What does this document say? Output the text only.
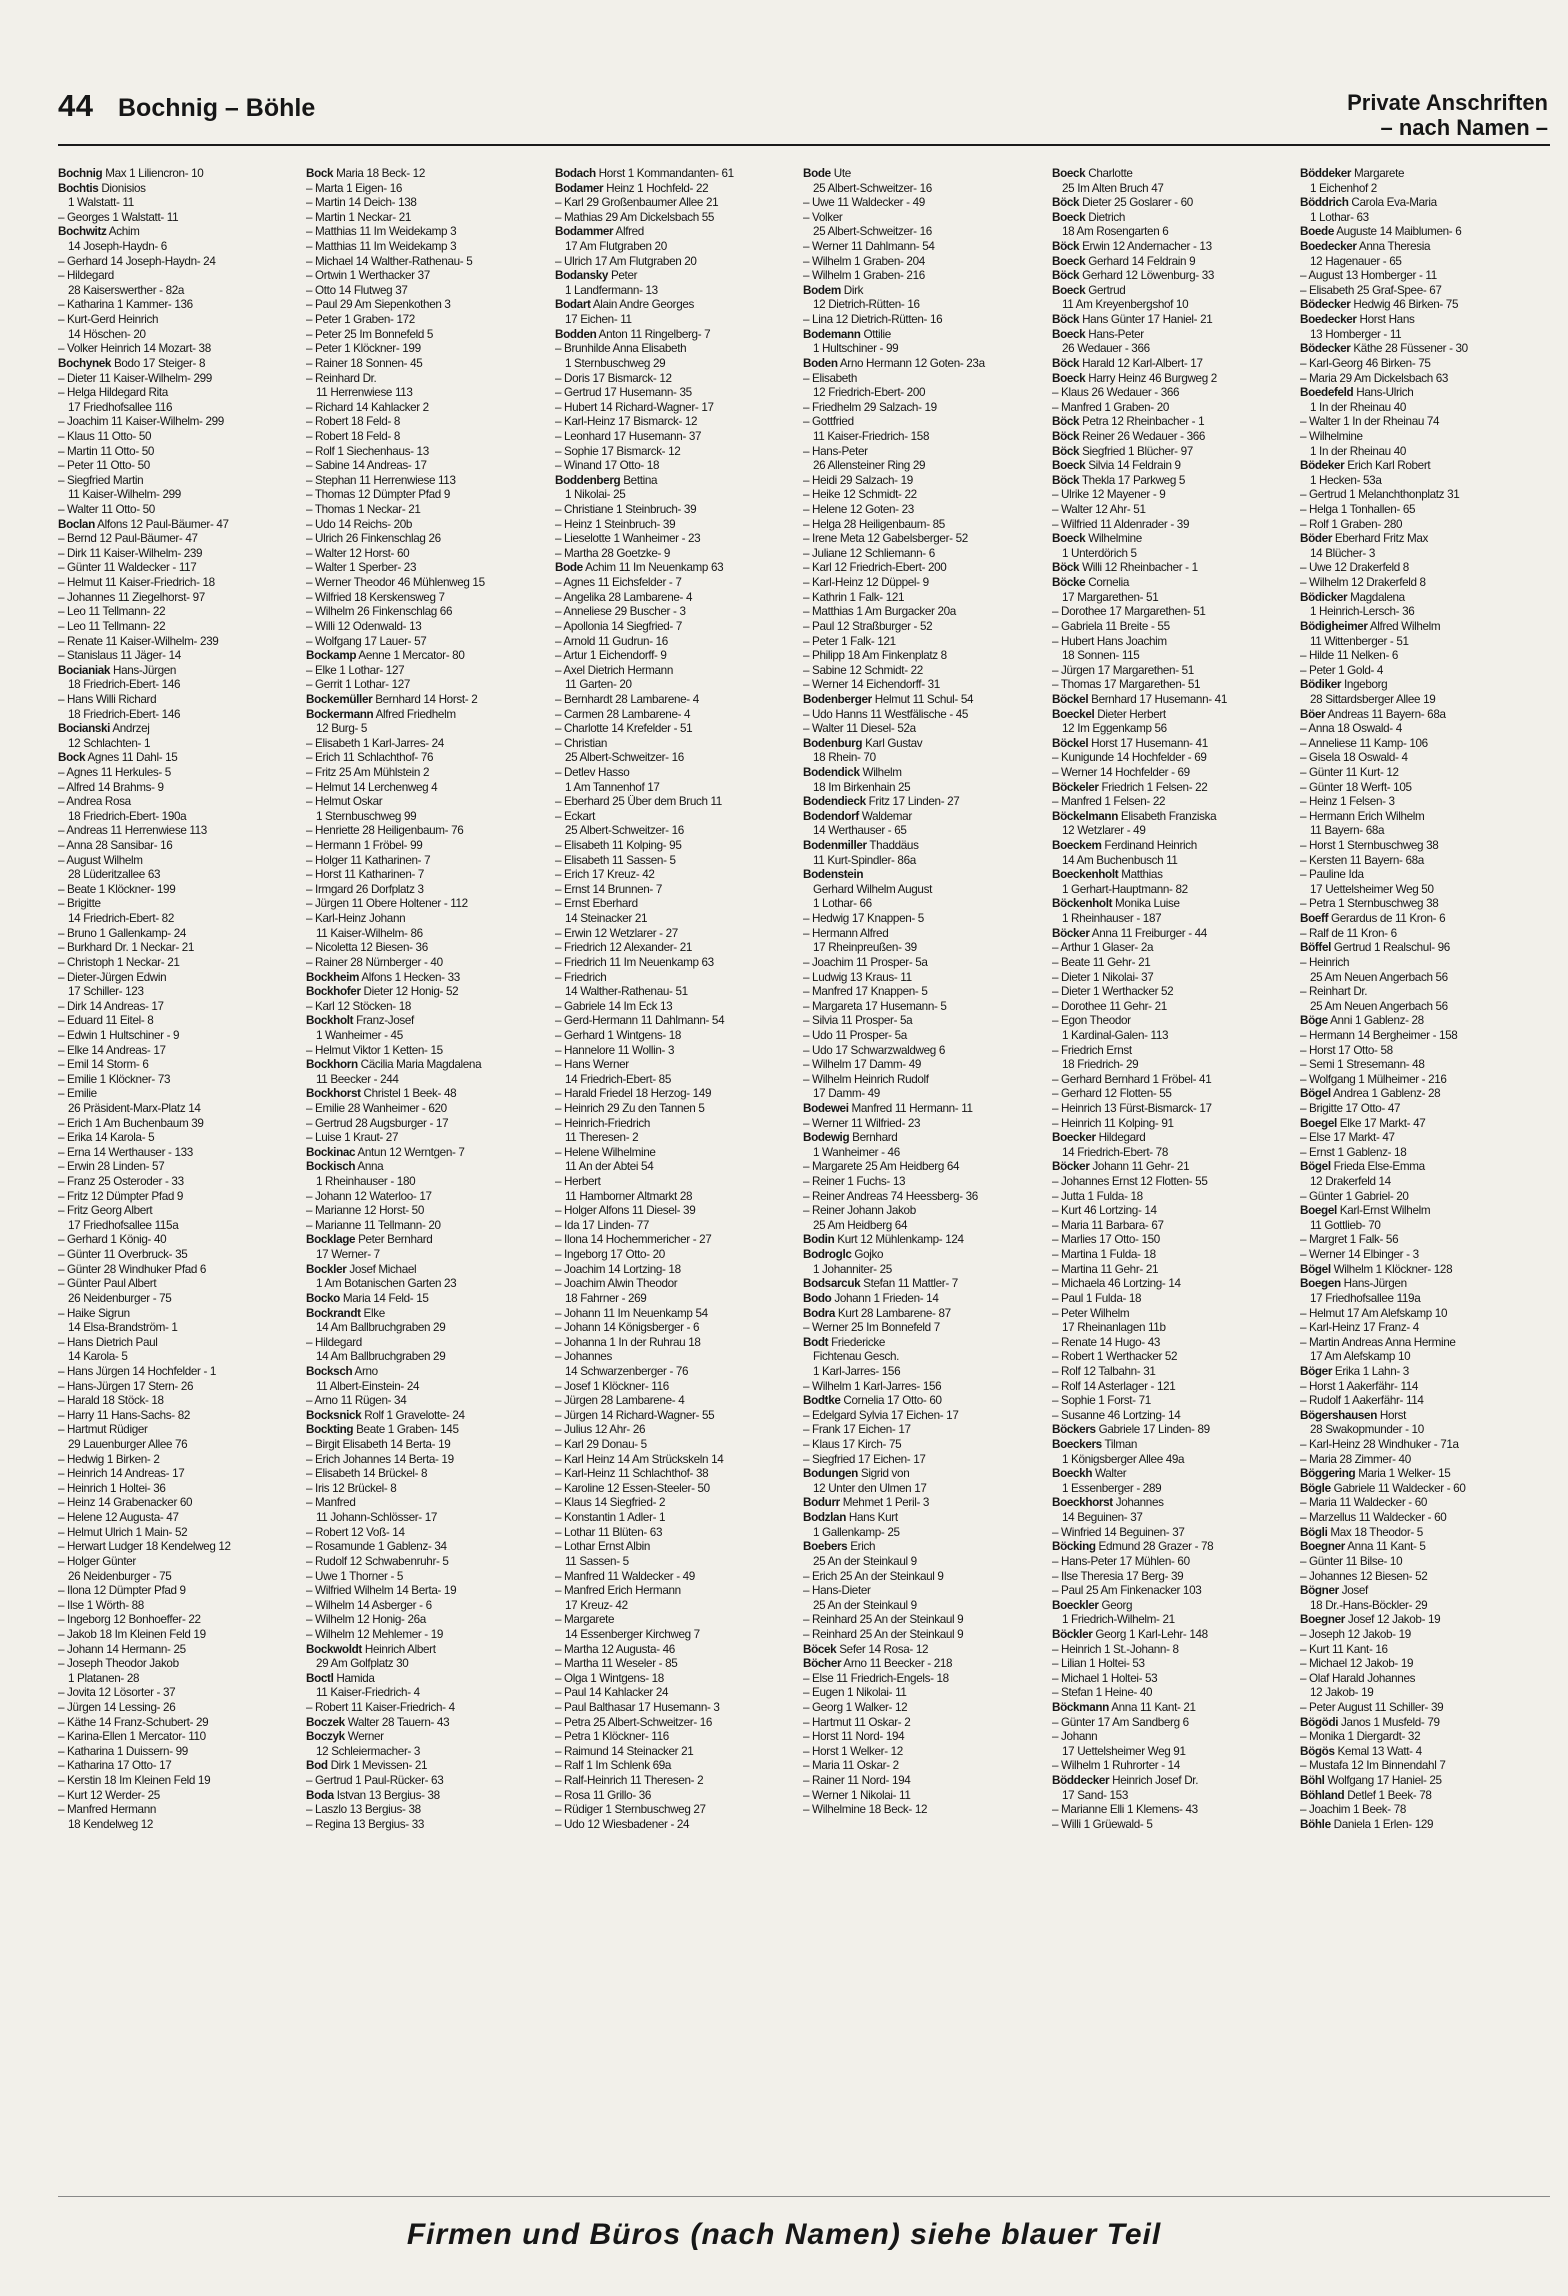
44 Bochnig – Böhle	Private Anschriften
– nach Namen –
Bochnig Max 1 Liliencron- 10
Bochtis Dionisios
1 Walstatt- 11
– Georges 1 Walstatt- 11
Bochwitz Achim
14 Joseph-Haydn- 6
– Gerhard 14 Joseph-Haydn- 24
– Hildegard
28 Kaiserswerther - 82a
– Katharina 1 Kammer- 136
– Kurt-Gerd Heinrich
14 Höschen- 20
– Volker Heinrich 14 Mozart- 38
Bochynek Bodo 17 Steiger- 8
– Dieter 11 Kaiser-Wilhelm- 299
– Helga Hildegard Rita
17 Friedhofsallee 116
– Joachim 11 Kaiser-Wilhelm- 299
– Klaus 11 Otto- 50
– Martin 11 Otto- 50
– Peter 11 Otto- 50
– Siegfried Martin
11 Kaiser-Wilhelm- 299
– Walter 11 Otto- 50
Boclan Alfons 12 Paul-Bäumer- 47
– Bernd 12 Paul-Bäumer- 47
– Dirk 11 Kaiser-Wilhelm- 239
– Günter 11 Waldecker - 117
– Helmut 11 Kaiser-Friedrich- 18
– Johannes 11 Ziegelhorst- 97
– Leo 11 Tellmann- 22
– Leo 11 Tellmann- 22
– Renate 11 Kaiser-Wilhelm- 239
– Stanislaus 11 Jäger- 14
Bocianiak Hans-Jürgen
18 Friedrich-Ebert- 146
– Hans Willi Richard
18 Friedrich-Ebert- 146
Bocianski Andrzej
12 Schlachten- 1
Bock Agnes 11 Dahl- 15
– Agnes 11 Herkules- 5
– Alfred 14 Brahms- 9
– Andrea Rosa
18 Friedrich-Ebert- 190a
– Andreas 11 Herrenwiese 113
– Anna 28 Sansibar- 16
– August Wilhelm
28 Lüderitzallee 63
– Beate 1 Klöckner- 199
– Brigitte
14 Friedrich-Ebert- 82
– Bruno 1 Gallenkamp- 24
– Burkhard Dr. 1 Neckar- 21
– Christoph 1 Neckar- 21
– Dieter-Jürgen Edwin
17 Schiller- 123
– Dirk 14 Andreas- 17
– Eduard 11 Eitel- 8
– Edwin 1 Hultschiner - 9
– Elke 14 Andreas- 17
– Emil 14 Storm- 6
– Emilie 1 Klöckner- 73
– Emilie
26 Präsident-Marx-Platz 14
– Erich 1 Am Buchenbaum 39
– Erika 14 Karola- 5
– Erna 14 Werthauser - 133
– Erwin 28 Linden- 57
– Franz 25 Osteroder - 33
– Fritz 12 Dümpter Pfad 9
– Fritz Georg Albert
17 Friedhofsallee 115a
– Gerhard 1 König- 40
– Günter 11 Overbruck- 35
– Günter 28 Windhuker Pfad 6
– Günter Paul Albert
26 Neidenburger - 75
– Haike Sigrun
14 Elsa-Brandström- 1
– Hans Dietrich Paul
14 Karola- 5
– Hans Jürgen 14 Hochfelder - 1
– Hans-Jürgen 17 Stern- 26
– Harald 18 Stöck- 18
– Harry 11 Hans-Sachs- 82
– Hartmut Rüdiger
29 Lauenburger Allee 76
– Hedwig 1 Birken- 2
– Heinrich 14 Andreas- 17
– Heinrich 1 Holtei- 36
– Heinz 14 Grabenacker 60
– Helene 12 Augusta- 47
– Helmut Ulrich 1 Main- 52
– Herwart Ludger 18 Kendelweg 12
– Holger Günter
26 Neidenburger - 75
– Ilona 12 Dümpter Pfad 9
– Ilse 1 Wörth- 88
– Ingeborg 12 Bonhoeffer- 22
– Jakob 18 Im Kleinen Feld 19
– Johann 14 Hermann- 25
– Joseph Theodor Jakob
1 Platanen- 28
– Jovita 12 Lösorter - 37
– Jürgen 14 Lessing- 26
– Käthe 14 Franz-Schubert- 29
– Karina-Ellen 1 Mercator- 110
– Katharina 1 Duissern- 99
– Katharina 17 Otto- 17
– Kerstin 18 Im Kleinen Feld 19
– Kurt 12 Werder- 25
– Manfred Hermann
18 Kendelweg 12
Bock Maria 18 Beck- 12
– Marta 1 Eigen- 16
– Martin 14 Deich- 138
– Martin 1 Neckar- 21
– Matthias 11 Im Weidekamp 3
– Matthias 11 Im Weidekamp 3
– Michael 14 Walther-Rathenau- 5
– Ortwin 1 Werthacker 37
– Otto 14 Flutweg 37
– Paul 29 Am Siepenkothen 3
– Peter 1 Graben- 172
– Peter 25 Im Bonnefeld 5
– Peter 1 Klöckner- 199
– Rainer 18 Sonnen- 45
– Reinhard Dr.
11 Herrenwiese 113
– Richard 14 Kahlacker 2
– Robert 18 Feld- 8
– Robert 18 Feld- 8
– Rolf 1 Siechenhaus- 13
– Sabine 14 Andreas- 17
– Stephan 11 Herrenwiese 113
– Thomas 12 Dümpter Pfad 9
– Thomas 1 Neckar- 21
– Udo 14 Reichs- 20b
– Ulrich 26 Finkenschlag 26
– Walter 12 Horst- 60
– Walter 1 Sperber- 23
– Werner Theodor 46 Mühlenweg 15
– Wilfried 18 Kerskensweg 7
– Wilhelm 26 Finkenschlag 66
– Willi 12 Odenwald- 13
– Wolfgang 17 Lauer- 57
Bockamp Aenne 1 Mercator- 80
– Elke 1 Lothar- 127
– Gerrit 1 Lothar- 127
Bockemüller Bernhard 14 Horst- 2
Bockermann Alfred Friedhelm
12 Burg- 5
– Elisabeth 1 Karl-Jarres- 24
– Erich 11 Schlachthof- 76
– Fritz 25 Am Mühlstein 2
– Helmut 14 Lerchenweg 4
– Helmut Oskar
1 Sternbuschweg 99
– Henriette 28 Heiligenbaum- 76
– Hermann 1 Fröbel- 99
– Holger 11 Katharinen- 7
– Horst 11 Katharinen- 7
– Irmgard 26 Dorfplatz 3
– Jürgen 11 Obere Holtener - 112
– Karl-Heinz Johann
11 Kaiser-Wilhelm- 86
– Nicoletta 12 Biesen- 36
– Rainer 28 Nürnberger - 40
Bockheim Alfons 1 Hecken- 33
Bockhofer Dieter 12 Honig- 52
– Karl 12 Stöcken- 18
Bockholt Franz-Josef
1 Wanheimer - 45
– Helmut Viktor 1 Ketten- 15
Bockhorn Cäcilia Maria Magdalena
11 Beecker - 244
Bockhorst Christel 1 Beek- 48
– Emilie 28 Wanheimer - 620
– Gertrud 28 Augsburger - 17
– Luise 1 Kraut- 27
Bockinac Antun 12 Werntgen- 7
Bockisch Anna
1 Rheinhauser - 180
– Johann 12 Waterloo- 17
– Marianne 12 Horst- 50
– Marianne 11 Tellmann- 20
Bocklage Peter Bernhard
17 Werner- 7
Bockler Josef Michael
1 Am Botanischen Garten 23
Bocko Maria 14 Feld- 15
Bockrandt Elke
14 Am Ballbruchgraben 29
– Hildegard
14 Am Ballbruchgraben 29
Bocksch Arno
11 Albert-Einstein- 24
– Arno 11 Rügen- 34
Bocksnick Rolf 1 Gravelotte- 24
Bockting Beate 1 Graben- 145
– Birgit Elisabeth 14 Berta- 19
– Erich Johannes 14 Berta- 19
– Elisabeth 14 Brückel- 8
– Iris 12 Brückel- 8
– Manfred
11 Johann-Schlösser- 17
– Robert 12 Voß- 14
– Rosamunde 1 Gablenz- 34
– Rudolf 12 Schwabenruhr- 5
– Uwe 1 Thorner - 5
– Wilfried Wilhelm 14 Berta- 19
– Wilhelm 14 Asberger - 6
– Wilhelm 12 Honig- 26a
– Wilhelm 12 Mehlemer - 19
Bockwoldt Heinrich Albert
29 Am Golfplatz 30
Boctl Hamida
11 Kaiser-Friedrich- 4
– Robert 11 Kaiser-Friedrich- 4
Boczek Walter 28 Tauern- 43
Boczyk Werner
12 Schleiermacher- 3
Bod Dirk 1 Mevissen- 21
– Gertrud 1 Paul-Rücker- 63
Boda Istvan 13 Bergius- 38
– Laszlo 13 Bergius- 38
– Regina 13 Bergius- 33
Bodach Horst 1 Kommandanten- 61
Bodamer Heinz 1 Hochfeld- 22
– Karl 29 Großenbaumer Allee 21
– Mathias 29 Am Dickelsbach 55
Bodammer Alfred
17 Am Flutgraben 20
– Ulrich 17 Am Flutgraben 20
Bodansky Peter
1 Landfermann- 13
Bodart Alain Andre Georges
17 Eichen- 11
Bodden Anton 11 Ringelberg- 7
– Brunhilde Anna Elisabeth
1 Sternbuschweg 29
– Doris 17 Bismarck- 12
– Gertrud 17 Husemann- 35
– Hubert 14 Richard-Wagner- 17
– Karl-Heinz 17 Bismarck- 12
– Leonhard 17 Husemann- 37
– Sophie 17 Bismarck- 12
– Winand 17 Otto- 18
Boddenberg Bettina
1 Nikolai- 25
– Christiane 1 Steinbruch- 39
– Heinz 1 Steinbruch- 39
– Lieselotte 1 Wanheimer - 23
– Martha 28 Goetzke- 9
Bode Achim 11 Im Neuenkamp 63
– Agnes 11 Eichsfelder - 7
– Angelika 28 Lambarene- 4
– Anneliese 29 Buscher - 3
– Apollonia 14 Siegfried- 7
– Arnold 11 Gudrun- 16
– Artur 1 Eichendorff- 9
– Axel Dietrich Hermann
11 Garten- 20
– Bernhardt 28 Lambarene- 4
– Carmen 28 Lambarene- 4
– Charlotte 14 Krefelder - 51
– Christian
25 Albert-Schweitzer- 16
– Detlev Hasso
1 Am Tannenhof 17
– Eberhard 25 Über dem Bruch 11
– Eckart
25 Albert-Schweitzer- 16
– Elisabeth 11 Kolping- 95
– Elisabeth 11 Sassen- 5
– Erich 17 Kreuz- 42
– Ernst 14 Brunnen- 7
– Ernst Eberhard
14 Steinacker 21
– Erwin 12 Wetzlarer - 27
– Friedrich 12 Alexander- 21
– Friedrich 11 Im Neuenkamp 63
– Friedrich
14 Walther-Rathenau- 51
– Gabriele 14 Im Eck 13
– Gerd-Hermann 11 Dahlmann- 54
– Gerhard 1 Wintgens- 18
– Hannelore 11 Wollin- 3
– Hans Werner
14 Friedrich-Ebert- 85
– Harald Friedel 18 Herzog- 149
– Heinrich 29 Zu den Tannen 5
– Heinrich-Friedrich
11 Theresen- 2
– Helene Wilhelmine
11 An der Abtei 54
– Herbert
11 Hamborner Altmarkt 28
– Holger Alfons 11 Diesel- 39
– Ida 17 Linden- 77
– Ilona 14 Hochemmericher - 27
– Ingeborg 17 Otto- 20
– Joachim 14 Lortzing- 18
– Joachim Alwin Theodor
18 Fahrner - 269
– Johann 11 Im Neuenkamp 54
– Johann 14 Königsberger - 6
– Johanna 1 In der Ruhrau 18
– Johannes
14 Schwarzenberger - 76
– Josef 1 Klöckner- 116
– Jürgen 28 Lambarene- 4
– Jürgen 14 Richard-Wagner- 55
– Julius 12 Ahr- 26
– Karl 29 Donau- 5
– Karl Heinz 14 Am Strückskeln 14
– Karl-Heinz 11 Schlachthof- 38
– Karoline 12 Essen-Steeler- 50
– Klaus 14 Siegfried- 2
– Konstantin 1 Adler- 1
– Lothar 11 Blüten- 63
– Lothar Ernst Albin
11 Sassen- 5
– Manfred 11 Waldecker - 49
– Manfred Erich Hermann
17 Kreuz- 42
– Margarete
14 Essenberger Kirchweg 7
– Martha 12 Augusta- 46
– Martha 11 Weseler - 85
– Olga 1 Wintgens- 18
– Paul 14 Kahlacker 24
– Paul Balthasar 17 Husemann- 3
– Petra 25 Albert-Schweitzer- 16
– Petra 1 Klöckner- 116
– Raimund 14 Steinacker 21
– Ralf 1 Im Schlenk 69a
– Ralf-Heinrich 11 Theresen- 2
– Rosa 11 Grillo- 36
– Rüdiger 1 Sternbuschweg 27
– Udo 12 Wiesbadener - 24
Bode Ute
25 Albert-Schweitzer- 16
– Uwe 11 Waldecker - 49
– Volker
25 Albert-Schweitzer- 16
– Werner 11 Dahlmann- 54
– Wilhelm 1 Graben- 204
– Wilhelm 1 Graben- 216
Bodem Dirk
12 Dietrich-Rütten- 16
– Lina 12 Dietrich-Rütten- 16
Bodemann Ottilie
1 Hultschiner - 99
Boden Arno Hermann 12 Goten- 23a
– Elisabeth
12 Friedrich-Ebert- 200
– Friedhelm 29 Salzach- 19
– Gottfried
11 Kaiser-Friedrich- 158
– Hans-Peter
26 Allensteiner Ring 29
– Heidi 29 Salzach- 19
– Heike 12 Schmidt- 22
– Helene 12 Goten- 23
– Helga 28 Heiligenbaum- 85
– Irene Meta 12 Gabelsberger- 52
– Juliane 12 Schliemann- 6
– Karl 12 Friedrich-Ebert- 200
– Karl-Heinz 12 Düppel- 9
– Kathrin 1 Falk- 121
– Matthias 1 Am Burgacker 20a
– Paul 12 Straßburger - 52
– Peter 1 Falk- 121
– Philipp 18 Am Finkenplatz 8
– Sabine 12 Schmidt- 22
– Werner 14 Eichendorff- 31
Bodenberger Helmut 11 Schul- 54
– Udo Hanns 11 Westfälische - 45
– Walter 11 Diesel- 52a
Bodenburg Karl Gustav
18 Rhein- 70
Bodendick Wilhelm
18 Im Birkenhain 25
Bodendieck Fritz 17 Linden- 27
Bodendorf Waldemar
14 Werthauser - 65
Bodenmiller Thaddäus
11 Kurt-Spindler- 86a
Bodenstein
Gerhard Wilhelm August
1 Lothar- 66
– Hedwig 17 Knappen- 5
– Hermann Alfred
17 Rheinpreußen- 39
– Joachim 11 Prosper- 5a
– Ludwig 13 Kraus- 11
– Manfred 17 Knappen- 5
– Margareta 17 Husemann- 5
– Silvia 11 Prosper- 5a
– Udo 11 Prosper- 5a
– Udo 17 Schwarzwaldweg 6
– Wilhelm 17 Damm- 49
– Wilhelm Heinrich Rudolf
17 Damm- 49
Bodewei Manfred 11 Hermann- 11
– Werner 11 Wilfried- 23
Bodewig Bernhard
1 Wanheimer - 46
– Margarete 25 Am Heidberg 64
– Reiner 1 Fuchs- 13
– Reiner Andreas 74 Heessberg- 36
– Reiner Johann Jakob
25 Am Heidberg 64
Bodin Kurt 12 Mühlenkamp- 124
Bodroglc Gojko
1 Johanniter- 25
Bodsarcuk Stefan 11 Mattler- 7
Bodo Johann 1 Frieden- 14
Bodra Kurt 28 Lambarene- 87
– Werner 25 Im Bonnefeld 7
Bodt Friedericke
Fichtenau Gesch.
1 Karl-Jarres- 156
– Wilhelm 1 Karl-Jarres- 156
Bodtke Cornelia 17 Otto- 60
– Edelgard Sylvia 17 Eichen- 17
– Frank 17 Eichen- 17
– Klaus 17 Kirch- 75
– Siegfried 17 Eichen- 17
Bodungen Sigrid von
12 Unter den Ulmen 17
Bodurr Mehmet 1 Peril- 3
Bodzlan Hans Kurt
1 Gallenkamp- 25
Boebers Erich
25 An der Steinkaul 9
– Erich 25 An der Steinkaul 9
– Hans-Dieter
25 An der Steinkaul 9
– Reinhard 25 An der Steinkaul 9
– Reinhard 25 An der Steinkaul 9
Böcek Sefer 14 Rosa- 12
Böcher Arno 11 Beecker - 218
– Else 11 Friedrich-Engels- 18
– Eugen 1 Nikolai- 11
– Georg 1 Walker- 12
– Hartmut 11 Oskar- 2
– Horst 11 Nord- 194
– Horst 1 Welker- 12
– Maria 11 Oskar- 2
– Rainer 11 Nord- 194
– Werner 1 Nikolai- 11
– Wilhelmine 18 Beck- 12
Boeck Charlotte
25 Im Alten Bruch 47
Böck Dieter 25 Goslarer - 60
Boeck Dietrich
18 Am Rosengarten 6
Böck Erwin 12 Andernacher - 13
Boeck Gerhard 14 Feldrain 9
Böck Gerhard 12 Löwenburg- 33
Boeck Gertrud
11 Am Kreyenbergshof 10
Böck Hans Günter 17 Haniel- 21
Boeck Hans-Peter
26 Wedauer - 366
Böck Harald 12 Karl-Albert- 17
Boeck Harry Heinz 46 Burgweg 2
– Klaus 26 Wedauer - 366
– Manfred 1 Graben- 20
Böck Petra 12 Rheinbacher - 1
Böck Reiner 26 Wedauer - 366
Böck Siegfried 1 Blücher- 97
Boeck Silvia 14 Feldrain 9
Böck Thekla 17 Parkweg 5
– Ulrike 12 Mayener - 9
– Walter 12 Ahr- 51
– Wilfried 11 Aldenrader - 39
Boeck Wilhelmine
1 Unterdörich 5
Böck Willi 12 Rheinbacher - 1
Böcke Cornelia
17 Margarethen- 51
– Dorothee 17 Margarethen- 51
– Gabriela 11 Breite - 55
– Hubert Hans Joachim
18 Sonnen- 115
– Jürgen 17 Margarethen- 51
– Thomas 17 Margarethen- 51
Böckel Bernhard 17 Husemann- 41
Boeckel Dieter Herbert
12 Im Eggenkamp 56
Böckel Horst 17 Husemann- 41
– Kunigunde 14 Hochfelder - 69
– Werner 14 Hochfelder - 69
Böckeler Friedrich 1 Felsen- 22
– Manfred 1 Felsen- 22
Böckelmann Elisabeth Franziska
12 Wetzlarer - 49
Boeckem Ferdinand Heinrich
14 Am Buchenbusch 11
Boeckenholt Matthias
1 Gerhart-Hauptmann- 82
Böckenholt Monika Luise
1 Rheinhauser - 187
Böcker Anna 11 Freiburger - 44
– Arthur 1 Glaser- 2a
– Beate 11 Gehr- 21
– Dieter 1 Nikolai- 37
– Dieter 1 Werthacker 52
– Dorothee 11 Gehr- 21
– Egon Theodor
1 Kardinal-Galen- 113
– Friedrich Ernst
18 Friedrich- 29
– Gerhard Bernhard 1 Fröbel- 41
– Gerhard 12 Flotten- 55
– Heinrich 13 Fürst-Bismarck- 17
– Heinrich 11 Kolping- 91
Boecker Hildegard
14 Friedrich-Ebert- 78
Böcker Johann 11 Gehr- 21
– Johannes Ernst 12 Flotten- 55
– Jutta 1 Fulda- 18
– Kurt 46 Lortzing- 14
– Maria 11 Barbara- 67
– Marlies 17 Otto- 150
– Martina 1 Fulda- 18
– Martina 11 Gehr- 21
– Michaela 46 Lortzing- 14
– Paul 1 Fulda- 18
– Peter Wilhelm
17 Rheinanlagen 11b
– Renate 14 Hugo- 43
– Robert 1 Werthacker 52
– Rolf 12 Talbahn- 31
– Rolf 14 Asterlager - 121
– Sophie 1 Forst- 71
– Susanne 46 Lortzing- 14
Böckers Gabriele 17 Linden- 89
Boeckers Tilman
1 Königsberger Allee 49a
Boeckh Walter
1 Essenberger - 289
Boeckhorst Johannes
14 Beguinen- 37
– Winfried 14 Beguinen- 37
Böcking Edmund 28 Grazer - 78
– Hans-Peter 17 Mühlen- 60
– Ilse Theresia 17 Berg- 39
– Paul 25 Am Finkenacker 103
Boeckler Georg
1 Friedrich-Wilhelm- 21
Böckler Georg 1 Karl-Lehr- 148
– Heinrich 1 St.-Johann- 8
– Lilian 1 Holtei- 53
– Michael 1 Holtei- 53
– Stefan 1 Heine- 40
Böckmann Anna 11 Kant- 21
– Günter 17 Am Sandberg 6
– Johann
17 Uettelsheimer Weg 91
– Wilhelm 1 Ruhrorter - 14
Böddecker Heinrich Josef Dr.
17 Sand- 153
– Marianne Elli 1 Klemens- 43
– Willi 1 Grüewald- 5
Böddeker Margarete
1 Eichenhof 2
Böddrich Carola Eva-Maria
1 Lothar- 63
Boede Auguste 14 Maiblumen- 6
Boedecker Anna Theresia
12 Hagenauer - 65
– August 13 Homberger - 11
– Elisabeth 25 Graf-Spee- 67
Bödecker Hedwig 46 Birken- 75
Boedecker Horst Hans
13 Homberger - 11
Bödecker Käthe 28 Füssener - 30
– Karl-Georg 46 Birken- 75
– Maria 29 Am Dickelsbach 63
Boedefeld Hans-Ulrich
1 In der Rheinau 40
– Walter 1 In der Rheinau 74
– Wilhelmine
1 In der Rheinau 40
Bödeker Erich Karl Robert
1 Hecken- 53a
– Gertrud 1 Melanchthonplatz 31
– Helga 1 Tonhallen- 65
– Rolf 1 Graben- 280
Böder Eberhard Fritz Max
14 Blücher- 3
– Uwe 12 Drakerfeld 8
– Wilhelm 12 Drakerfeld 8
Bödicker Magdalena
1 Heinrich-Lersch- 36
Bödigheimer Alfred Wilhelm
11 Wittenberger - 51
– Hilde 11 Nelken- 6
– Peter 1 Gold- 4
Bödiker Ingeborg
28 Sittardsberger Allee 19
Böer Andreas 11 Bayern- 68a
– Anna 18 Oswald- 4
– Anneliese 11 Kamp- 106
– Gisela 18 Oswald- 4
– Günter 11 Kurt- 12
– Günter 18 Werft- 105
– Heinz 1 Felsen- 3
– Hermann Erich Wilhelm
11 Bayern- 68a
– Horst 1 Sternbuschweg 38
– Kersten 11 Bayern- 68a
– Pauline Ida
17 Uettelsheimer Weg 50
– Petra 1 Sternbuschweg 38
Boeff Gerardus de 11 Kron- 6
– Ralf de 11 Kron- 6
Böffel Gertrud 1 Realschul- 96
– Heinrich
25 Am Neuen Angerbach 56
– Reinhart Dr.
25 Am Neuen Angerbach 56
Böge Anni 1 Gablenz- 28
– Hermann 14 Bergheimer - 158
– Horst 17 Otto- 58
– Semi 1 Stresemann- 48
– Wolfgang 1 Mülheimer - 216
Bögel Andrea 1 Gablenz- 28
– Brigitte 17 Otto- 47
Boegel Elke 17 Markt- 47
– Else 17 Markt- 47
– Ernst 1 Gablenz- 18
Bögel Frieda Else-Emma
12 Drakerfeld 14
– Günter 1 Gabriel- 20
Boegel Karl-Ernst Wilhelm
11 Gottlieb- 70
– Margret 1 Falk- 56
– Werner 14 Elbinger - 3
Bögel Wilhelm 1 Klöckner- 128
Boegen Hans-Jürgen
17 Friedhofsallee 119a
– Helmut 17 Am Alefskamp 10
– Karl-Heinz 17 Franz- 4
– Martin Andreas Anna Hermine
17 Am Alefskamp 10
Böger Erika 1 Lahn- 3
– Horst 1 Aakerfähr- 114
– Rudolf 1 Aakerfähr- 114
Bögershausen Horst
28 Swakopmunder - 10
– Karl-Heinz 28 Windhuker - 71a
– Maria 28 Zimmer- 40
Böggering Maria 1 Welker- 15
Bögle Gabriele 11 Waldecker - 60
– Maria 11 Waldecker - 60
– Marzellus 11 Waldecker - 60
Bögli Max 18 Theodor- 5
Boegner Anna 11 Kant- 5
– Günter 11 Bilse- 10
– Johannes 12 Biesen- 52
Bögner Josef
18 Dr.-Hans-Böckler- 29
Boegner Josef 12 Jakob- 19
– Joseph 12 Jakob- 19
– Kurt 11 Kant- 16
– Michael 12 Jakob- 19
– Olaf Harald Johannes
12 Jakob- 19
– Peter August 11 Schiller- 39
Bögödi Janos 1 Musfeld- 79
– Monika 1 Diergardt- 32
Bögös Kemal 13 Watt- 4
– Mustafa 12 Im Binnendahl 7
Böhl Wolfgang 17 Haniel- 25
Böhland Detlef 1 Beek- 78
– Joachim 1 Beek- 78
Böhle Daniela 1 Erlen- 129
Firmen und Büros (nach Namen) siehe blauer Teil
